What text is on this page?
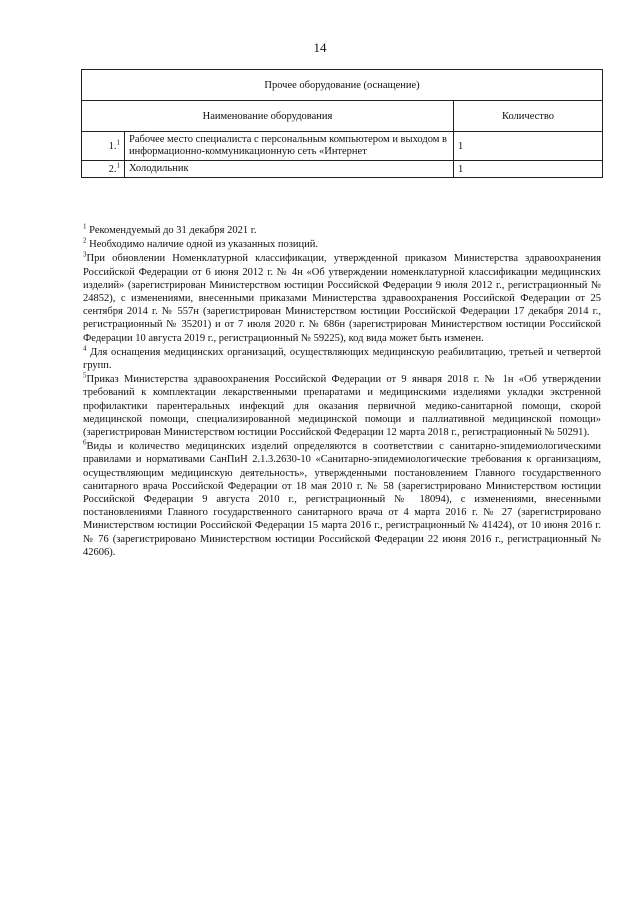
14
Прочее оборудование (оснащение)		
Наименование оборудования		Количество
1.$^1$	Рабочее место специалиста с персональным компьютером и выходом в информационно-коммуникационную сеть «Интернет	1
2.$^1$	Холодильник	1

$^1$ Рекомендуемый до 31 декабря 2021 г.

$^2$ Необходимо наличие одной из указанных позиций.

$^3$При обновлении Номенклатурной классификации, утвержденной приказом Министерства здравоохранения Российской Федерации от 6 июня 2012 г. № 4н «Об утверждении номенклатурной классификации медицинских изделий» (зарегистрирован Министерством юстиции Российской Федерации 9 июля 2012 г., регистрационный № 24852), с изменениями, внесенными приказами Министерства здравоохранения Российской Федерации от 25 сентября 2014 г. № 557н (зарегистрирован Министерством юстиции Российской Федерации 17 декабря 2014 г., регистрационный № 35201) и от 7 июля 2020 г. № 686н (зарегистрирован Министерством юстиции Российской Федерации 10 августа 2019 г., регистрационный № 59225), код вида может быть изменен.

$^4$ Для оснащения медицинских организаций, осуществляющих медицинскую реабилитацию, третьей и четвертой групп.

$^5$Приказ Министерства здравоохранения Российской Федерации от 9 января 2018 г. № 1н «Об утверждении требований к комплектации лекарственными препаратами и медицинскими изделиями укладки экстренной профилактики парентеральных инфекций для оказания первичной медико-санитарной помощи, скорой медицинской помощи, специализированной медицинской помощи и паллиативной медицинской помощи» (зарегистрирован Министерством юстиции Российской Федерации 12 марта 2018 г., регистрационный № 50291).

$^6$Виды и количество медицинских изделий определяются в соответствии с санитарно-эпидемиологическими правилами и нормативами СанПиН 2.1.3.2630-10 «Санитарно-эпидемиологические требования к организациям, осуществляющим медицинскую деятельность», утвержденными постановлением Главного государственного санитарного врача Российской Федерации от 18 мая 2010 г. № 58 (зарегистрировано Министерством юстиции Российской Федерации 9 августа 2010 г., регистрационный № 18094), с изменениями, внесенными постановлениями Главного государственного санитарного врача от 4 марта 2016 г. № 27 (зарегистрировано Министерством юстиции Российской Федерации 15 марта 2016 г., регистрационный № 41424), от 10 июня 2016 г. № 76 (зарегистрировано Министерством юстиции Российской Федерации 22 июня 2016 г., регистрационный № 42606).
